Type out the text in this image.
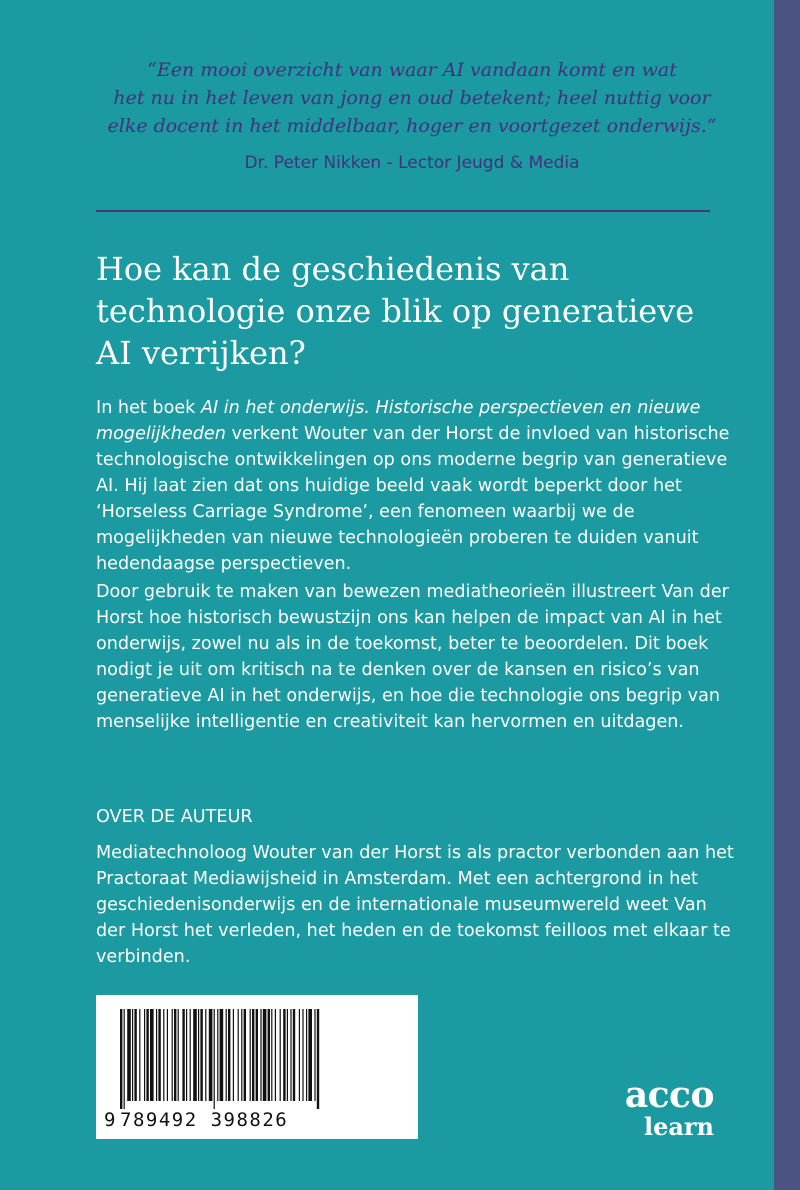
“Een mooi overzicht van waar AI vandaan komt en wat
het nu in het leven van jong en oud betekent; heel nuttig voor
elke docent in het middelbaar, hoger en voortgezet onderwijs.”
Dr. Peter Nikken - Lector Jeugd & Media
Hoe kan de geschiedenis van
technologie onze blik op generatieve
AI verrijken?
In het boek AI in het onderwijs. Historische perspectieven en nieuwe mogelijkheden verkent Wouter van der Horst de invloed van historische technologische ontwikkelingen op ons moderne begrip van generatieve AI. Hij laat zien dat ons huidige beeld vaak wordt beperkt door het ‘Horseless Carriage Syndrome’, een fenomeen waarbij we de mogelijkheden van nieuwe technologieën proberen te duiden vanuit hedendaagse perspectieven.
Door gebruik te maken van bewezen mediatheorieën illustreert Van der Horst hoe historisch bewustzijn ons kan helpen de impact van AI in het onderwijs, zowel nu als in de toekomst, beter te beoordelen. Dit boek nodigt je uit om kritisch na te denken over de kansen en risico’s van generatieve AI in het onderwijs, en hoe die technologie ons begrip van menselijke intelligentie en creativiteit kan hervormen en uitdagen.
OVER DE AUTEUR
Mediatechnoloog Wouter van der Horst is als practor verbonden aan het Practoraat Mediawijsheid in Amsterdam. Met een achtergrond in het geschiedenisonderwijs en de internationale museumwereld weet Van der Horst het verleden, het heden en de toekomst feilloos met elkaar te verbinden.
9 789492 398826
acco
learn
